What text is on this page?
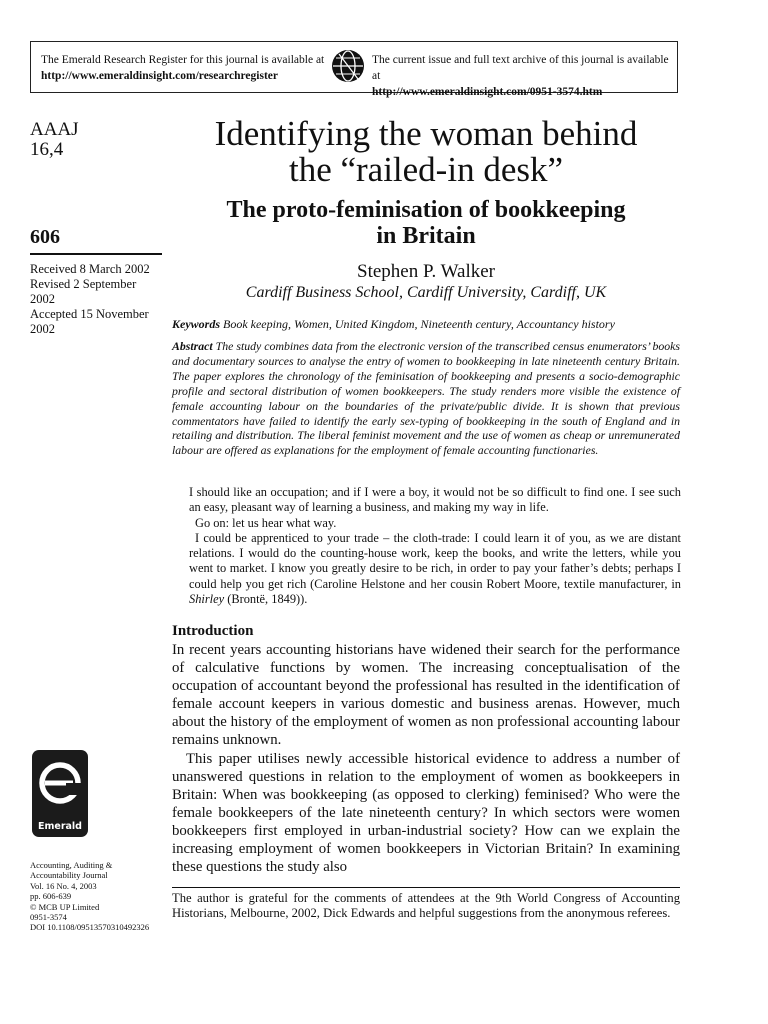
The Emerald Research Register for this journal is available at
http://www.emeraldinsight.com/researchregister
The current issue and full text archive of this journal is available at
http://www.emeraldinsight.com/0951-3574.htm
AAAJ
16,4
606
Received 8 March 2002
Revised 2 September 2002
Accepted 15 November 2002
Emerald
Accounting, Auditing &
Accountability Journal
Vol. 16 No. 4, 2003
pp. 606-639
© MCB UP Limited
0951-3574
DOI 10.1108/09513570310492326
Identifying the woman behind
the “railed-in desk”
The proto-feminisation of bookkeeping
in Britain
Stephen P. Walker
Cardiff Business School, Cardiff University, Cardiff, UK
Keywords Book keeping, Women, United Kingdom, Nineteenth century, Accountancy history
Abstract The study combines data from the electronic version of the transcribed census enumerators’ books and documentary sources to analyse the entry of women to bookkeeping in late nineteenth century Britain. The paper explores the chronology of the feminisation of bookkeeping and presents a socio-demographic profile and sectoral distribution of women bookkeepers. The study renders more visible the existence of female accounting labour on the boundaries of the private/public divide. It is shown that previous commentators have failed to identify the early sex-typing of bookkeeping in the south of England and in retailing and distribution. The liberal feminist movement and the use of women as cheap or unremunerated labour are offered as explanations for the employment of female accounting functionaries.

I should like an occupation; and if I were a boy, it would not be so difficult to find one. I see such an easy, pleasant way of learning a business, and making my way in life.

Go on: let us hear what way.

I could be apprenticed to your trade – the cloth-trade: I could learn it of you, as we are distant relations. I would do the counting-house work, keep the books, and write the letters, while you went to market. I know you greatly desire to be rich, in order to pay your father’s debts; perhaps I could help you get rich (Caroline Helstone and her cousin Robert Moore, textile manufacturer, in Shirley (Brontë, 1849)).

Introduction

In recent years accounting historians have widened their search for the performance of calculative functions by women. The increasing conceptualisation of the occupation of accountant beyond the professional has resulted in the identification of female account keepers in various domestic and business arenas. However, much about the history of the employment of women as non professional accounting labour remains unknown.

This paper utilises newly accessible historical evidence to address a number of unanswered questions in relation to the employment of women as bookkeepers in Britain: When was bookkeeping (as opposed to clerking) feminised? Who were the female bookkeepers of the late nineteenth century? In which sectors were women bookkeepers first employed in urban-industrial society? How can we explain the increasing employment of women bookkeepers in Victorian Britain? In examining these questions the study also

The author is grateful for the comments of attendees at the 9th World Congress of Accounting Historians, Melbourne, 2002, Dick Edwards and helpful suggestions from the anonymous referees.
